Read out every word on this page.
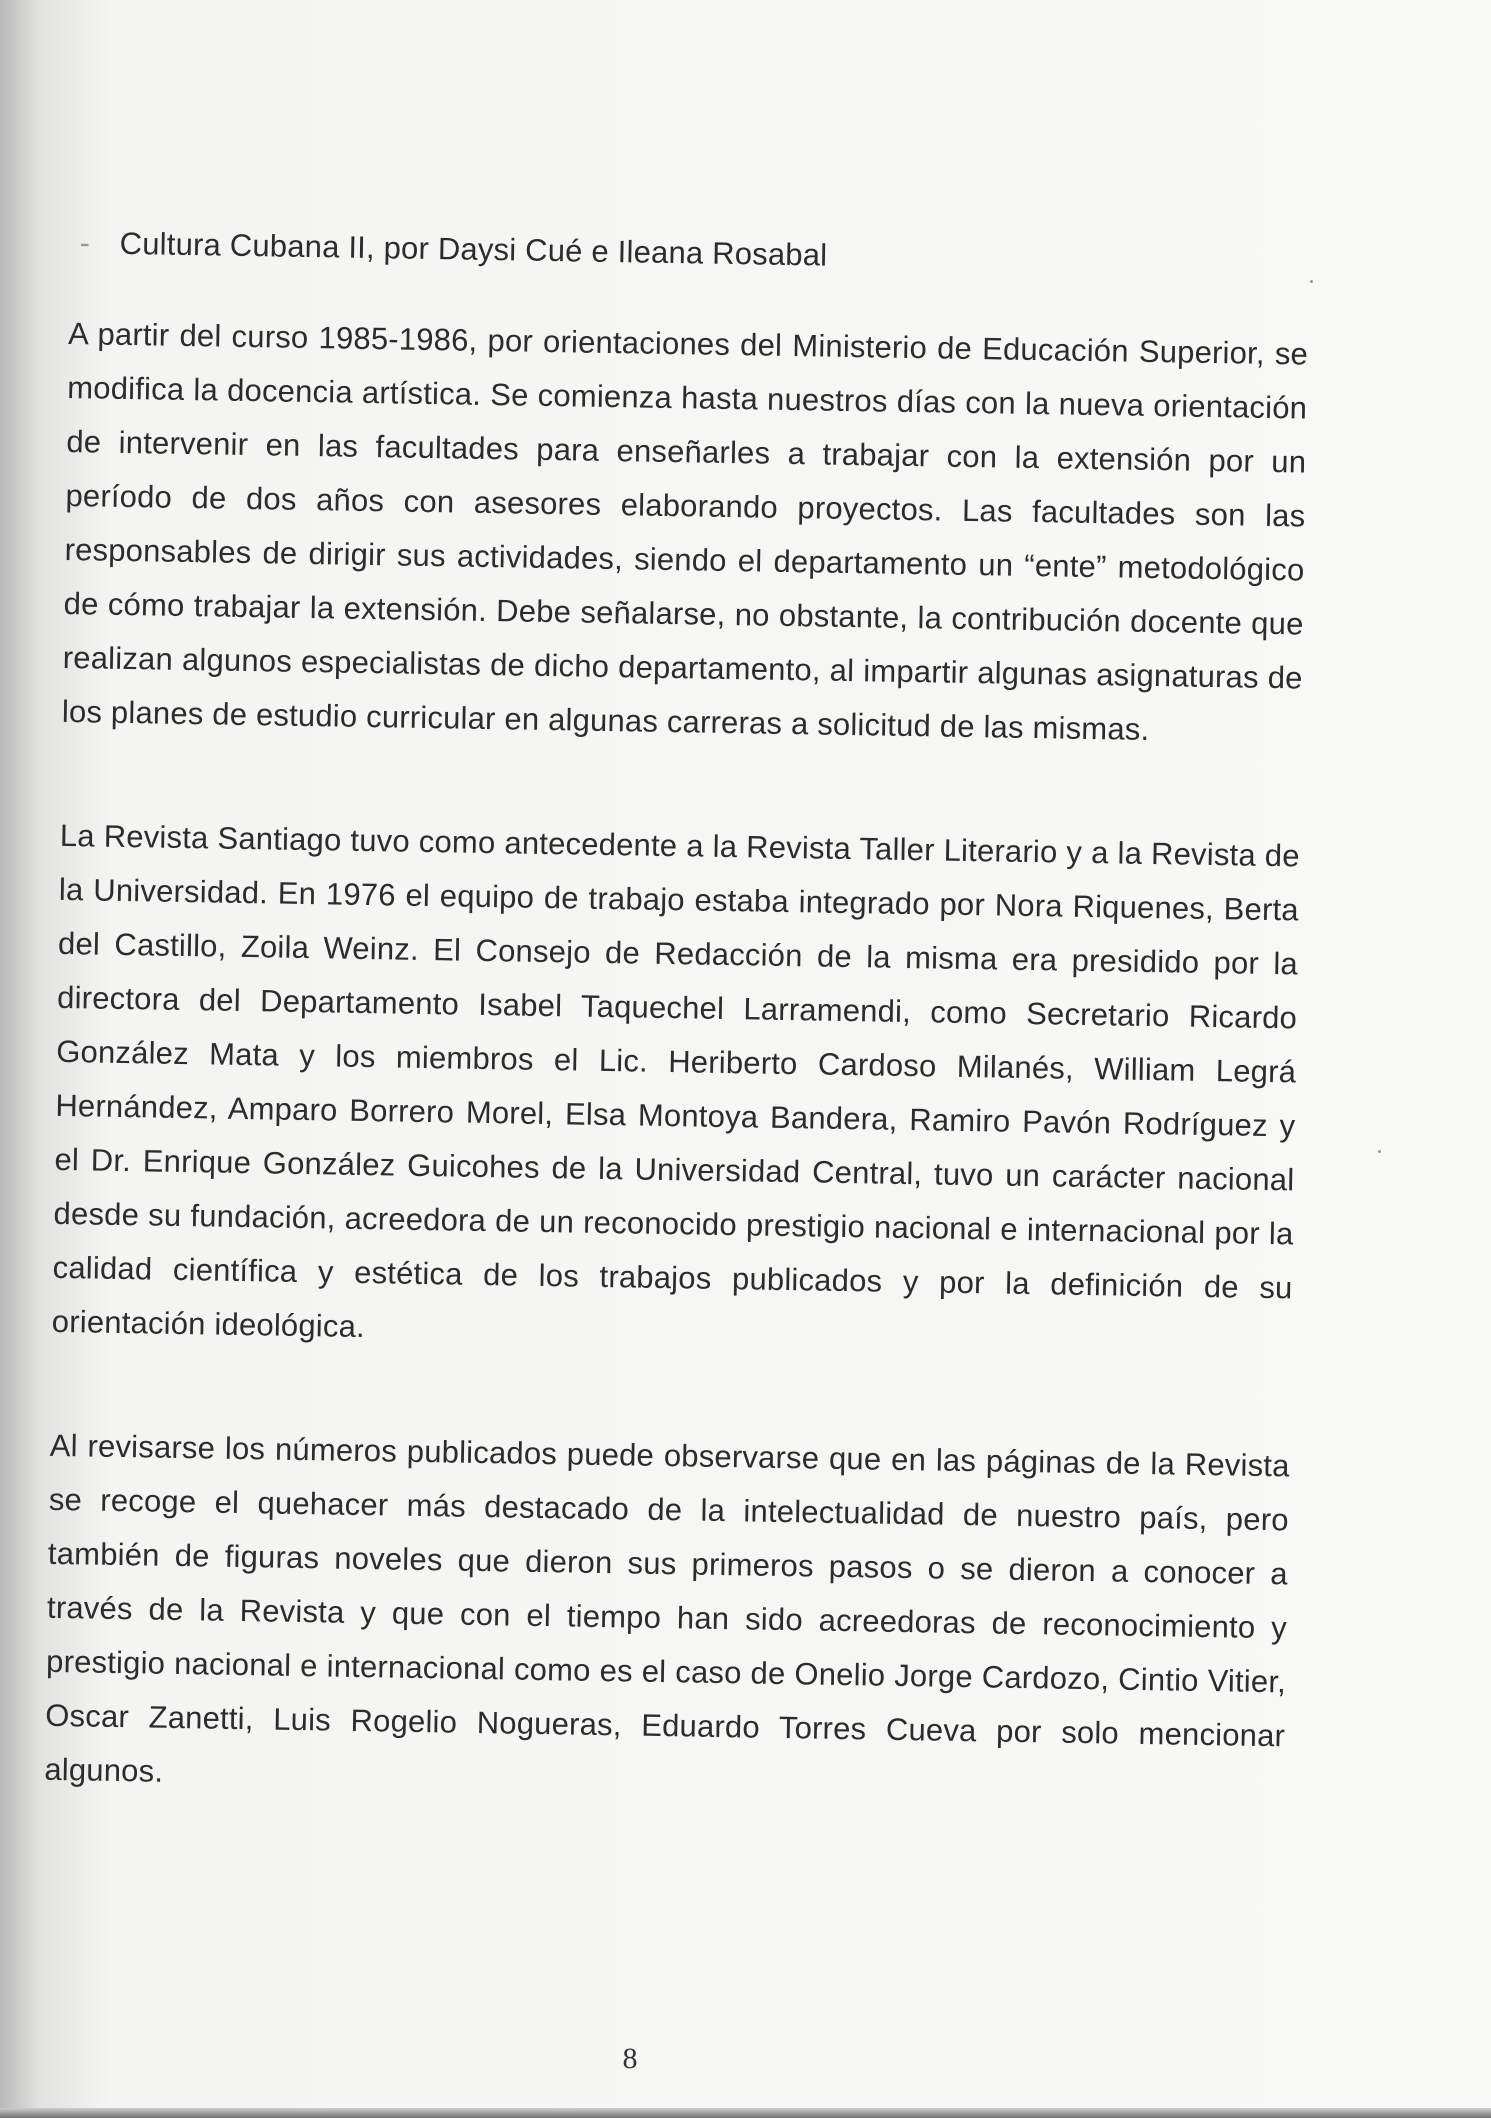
- Cultura Cubana II, por Daysi Cué e Ileana Rosabal

A partir del curso 1985-1986, por orientaciones del Ministerio de Educación Superior, se modifica la docencia artística. Se comienza hasta nuestros días con la nueva orientación de intervenir en las facultades para enseñarles a trabajar con la extensión por un período de dos años con asesores elaborando proyectos. Las facultades son las responsables de dirigir sus actividades, siendo el departamento un “ente” metodológico de cómo trabajar la extensión. Debe señalarse, no obstante, la contribución docente que realizan algunos especialistas de dicho departamento, al impartir algunas asignaturas de los planes de estudio curricular en algunas carreras a solicitud de las mismas.

La Revista Santiago tuvo como antecedente a la Revista Taller Literario y a la Revista de la Universidad. En 1976 el equipo de trabajo estaba integrado por Nora Riquenes, Berta del Castillo, Zoila Weinz. El Consejo de Redacción de la misma era presidido por la directora del Departamento Isabel Taquechel Larramendi, como Secretario Ricardo González Mata y los miembros el Lic. Heriberto Cardoso Milanés, William Legrá Hernández, Amparo Borrero Morel, Elsa Montoya Bandera, Ramiro Pavón Rodríguez y el Dr. Enrique González Guicohes de la Universidad Central, tuvo un carácter nacional desde su fundación, acreedora de un reconocido prestigio nacional e internacional por la calidad científica y estética de los trabajos publicados y por la definición de su orientación ideológica.

Al revisarse los números publicados puede observarse que en las páginas de la Revista se recoge el quehacer más destacado de la intelectualidad de nuestro país, pero también de figuras noveles que dieron sus primeros pasos o se dieron a conocer a través de la Revista y que con el tiempo han sido acreedoras de reconocimiento y prestigio nacional e internacional como es el caso de Onelio Jorge Cardozo, Cintio Vitier, Oscar Zanetti, Luis Rogelio Nogueras, Eduardo Torres Cueva por solo mencionar algunos.

8
